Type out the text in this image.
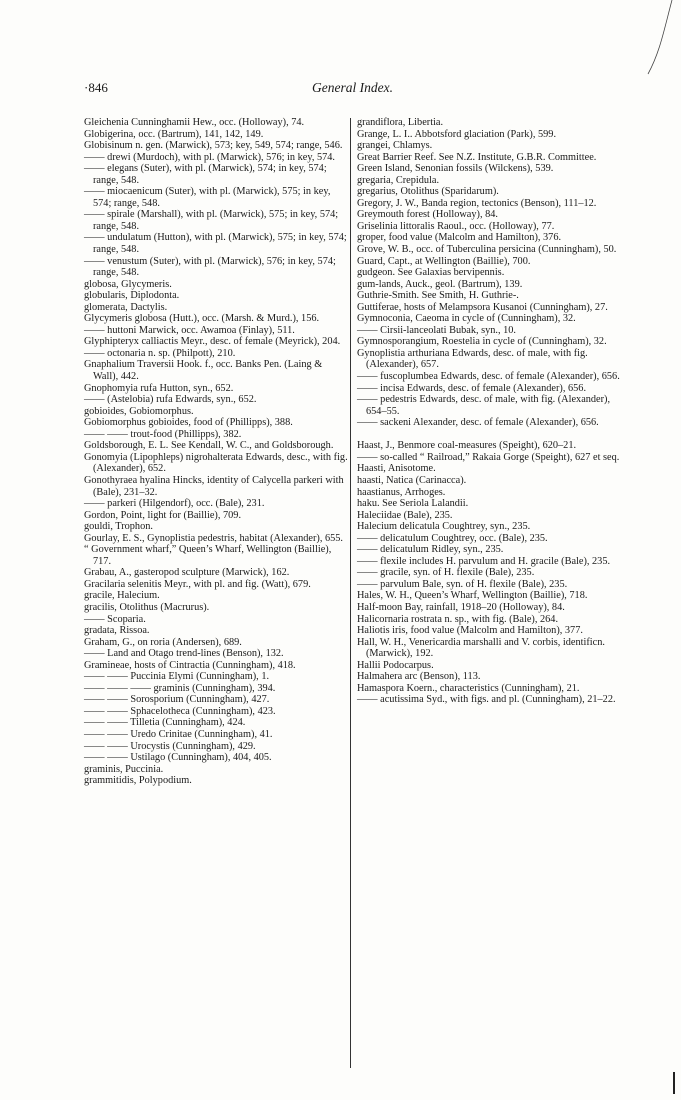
·846	General Index.

Gleichenia Cunninghamii Hew., occ. (Holloway), 74.

Globigerina, occ. (Bartrum), 141, 142, 149.

Globisinum n. gen. (Marwick), 573; key, 549, 574; range, 546.

—— drewi (Murdoch), with pl. (Marwick), 576; in key, 574.

—— elegans (Suter), with pl. (Marwick), 574; in key, 574; range, 548.

—— miocaenicum (Suter), with pl. (Marwick), 575; in key, 574; range, 548.

—— spirale (Marshall), with pl. (Marwick), 575; in key, 574; range, 548.

—— undulatum (Hutton), with pl. (Marwick), 575; in key, 574; range, 548.

—— venustum (Suter), with pl. (Marwick), 576; in key, 574; range, 548.

globosa, Glycymeris.

globularis, Diplodonta.

glomerata, Dactylis.

Glycymeris globosa (Hutt.), occ. (Marsh. & Murd.), 156.

—— huttoni Marwick, occ. Awamoa (Finlay), 511.

Glyphipteryx calliactis Meyr., desc. of female (Meyrick), 204.

—— octonaria n. sp. (Philpott), 210.

Gnaphalium Traversii Hook. f., occ. Banks Pen. (Laing & Wall), 442.

Gnophomyia rufa Hutton, syn., 652.

—— (Astelobia) rufa Edwards, syn., 652.

gobioides, Gobiomorphus.

Gobiomorphus gobioides, food of (Phillipps), 388.

—— —— trout-food (Phillipps), 382.

Goldsborough, E. L. See Kendall, W. C., and Goldsborough.

Gonomyia (Lipophleps) nigrohalterata Edwards, desc., with fig. (Alexander), 652.

Gonothyraea hyalina Hincks, identity of Calycella parkeri with (Bale), 231–32.

—— parkeri (Hilgendorf), occ. (Bale), 231.

Gordon, Point, light for (Baillie), 709.

gouldi, Trophon.

Gourlay, E. S., Gynoplistia pedestris, habitat (Alexander), 655.

“ Government wharf,” Queen’s Wharf, Wellington (Baillie), 717.

Grabau, A., gasteropod sculpture (Marwick), 162.

Gracilaria selenitis Meyr., with pl. and fig. (Watt), 679.

gracile, Halecium.

gracilis, Otolithus (Macrurus).

—— Scoparia.

gradata, Rissoa.

Graham, G., on roria (Andersen), 689.

—— Land and Otago trend-lines (Benson), 132.

Gramineae, hosts of Cintractia (Cunningham), 418.

—— —— Puccinia Elymi (Cunningham), 1.

—— —— —— graminis (Cunningham), 394.

—— —— Sorosporium (Cunningham), 427.

—— —— Sphacelotheca (Cunningham), 423.

—— —— Tilletia (Cunningham), 424.

—— —— Uredo Crinitae (Cunningham), 41.

—— —— Urocystis (Cunningham), 429.

—— —— Ustilago (Cunningham), 404, 405.

graminis, Puccinia.

grammitidis, Polypodium.

grandiflora, Libertia.

Grange, L. I.. Abbotsford glaciation (Park), 599.

grangei, Chlamys.

Great Barrier Reef. See N.Z. Institute, G.B.R. Committee.

Green Island, Senonian fossils (Wilckens), 539.

gregaria, Crepidula.

gregarius, Otolithus (Sparidarum).

Gregory, J. W., Banda region, tectonics (Benson), 111–12.

Greymouth forest (Holloway), 84.

Griselinia littoralis Raoul., occ. (Holloway), 77.

groper, food value (Malcolm and Hamilton), 376.

Grove, W. B., occ. of Tuberculina persicina (Cunningham), 50.

Guard, Capt., at Wellington (Baillie), 700.

gudgeon. See Galaxias bervipennis.

gum-lands, Auck., geol. (Bartrum), 139.

Guthrie-Smith. See Smith, H. Guthrie-.

Guttiferae, hosts of Melampsora Kusanoi (Cunningham), 27.

Gymnoconia, Caeoma in cycle of (Cunningham), 32.

—— Cirsii-lanceolati Bubak, syn., 10.

Gymnosporangium, Roestelia in cycle of (Cunningham), 32.

Gynoplistia arthuriana Edwards, desc. of male, with fig. (Alexander), 657.

—— fuscoplumbea Edwards, desc. of female (Alexander), 656.

—— incisa Edwards, desc. of female (Alexander), 656.

—— pedestris Edwards, desc. of male, with fig. (Alexander), 654–55.

—— sackeni Alexander, desc. of female (Alexander), 656.

Haast, J., Benmore coal-measures (Speight), 620–21.

—— so-called “ Railroad,” Rakaia Gorge (Speight), 627 et seq.

Haasti, Anisotome.

haasti, Natica (Carinacca).

haastianus, Arrhoges.

haku. See Seriola Lalandii.

Haleciidae (Bale), 235.

Halecium delicatula Coughtrey, syn., 235.

—— delicatulum Coughtrey, occ. (Bale), 235.

—— delicatulum Ridley, syn., 235.

—— flexile includes H. parvulum and H. gracile (Bale), 235.

—— gracile, syn. of H. flexile (Bale), 235.

—— parvulum Bale, syn. of H. flexile (Bale), 235.

Hales, W. H., Queen’s Wharf, Wellington (Baillie), 718.

Half-moon Bay, rainfall, 1918–20 (Holloway), 84.

Halicornaria rostrata n. sp., with fig. (Bale), 264.

Haliotis iris, food value (Malcolm and Hamilton), 377.

Hall, W. H., Venericardia marshalli and V. corbis, identificn. (Marwick), 192.

Hallii Podocarpus.

Halmahera arc (Benson), 113.

Hamaspora Koern., characteristics (Cunningham), 21.

—— acutissima Syd., with figs. and pl. (Cunningham), 21–22.
